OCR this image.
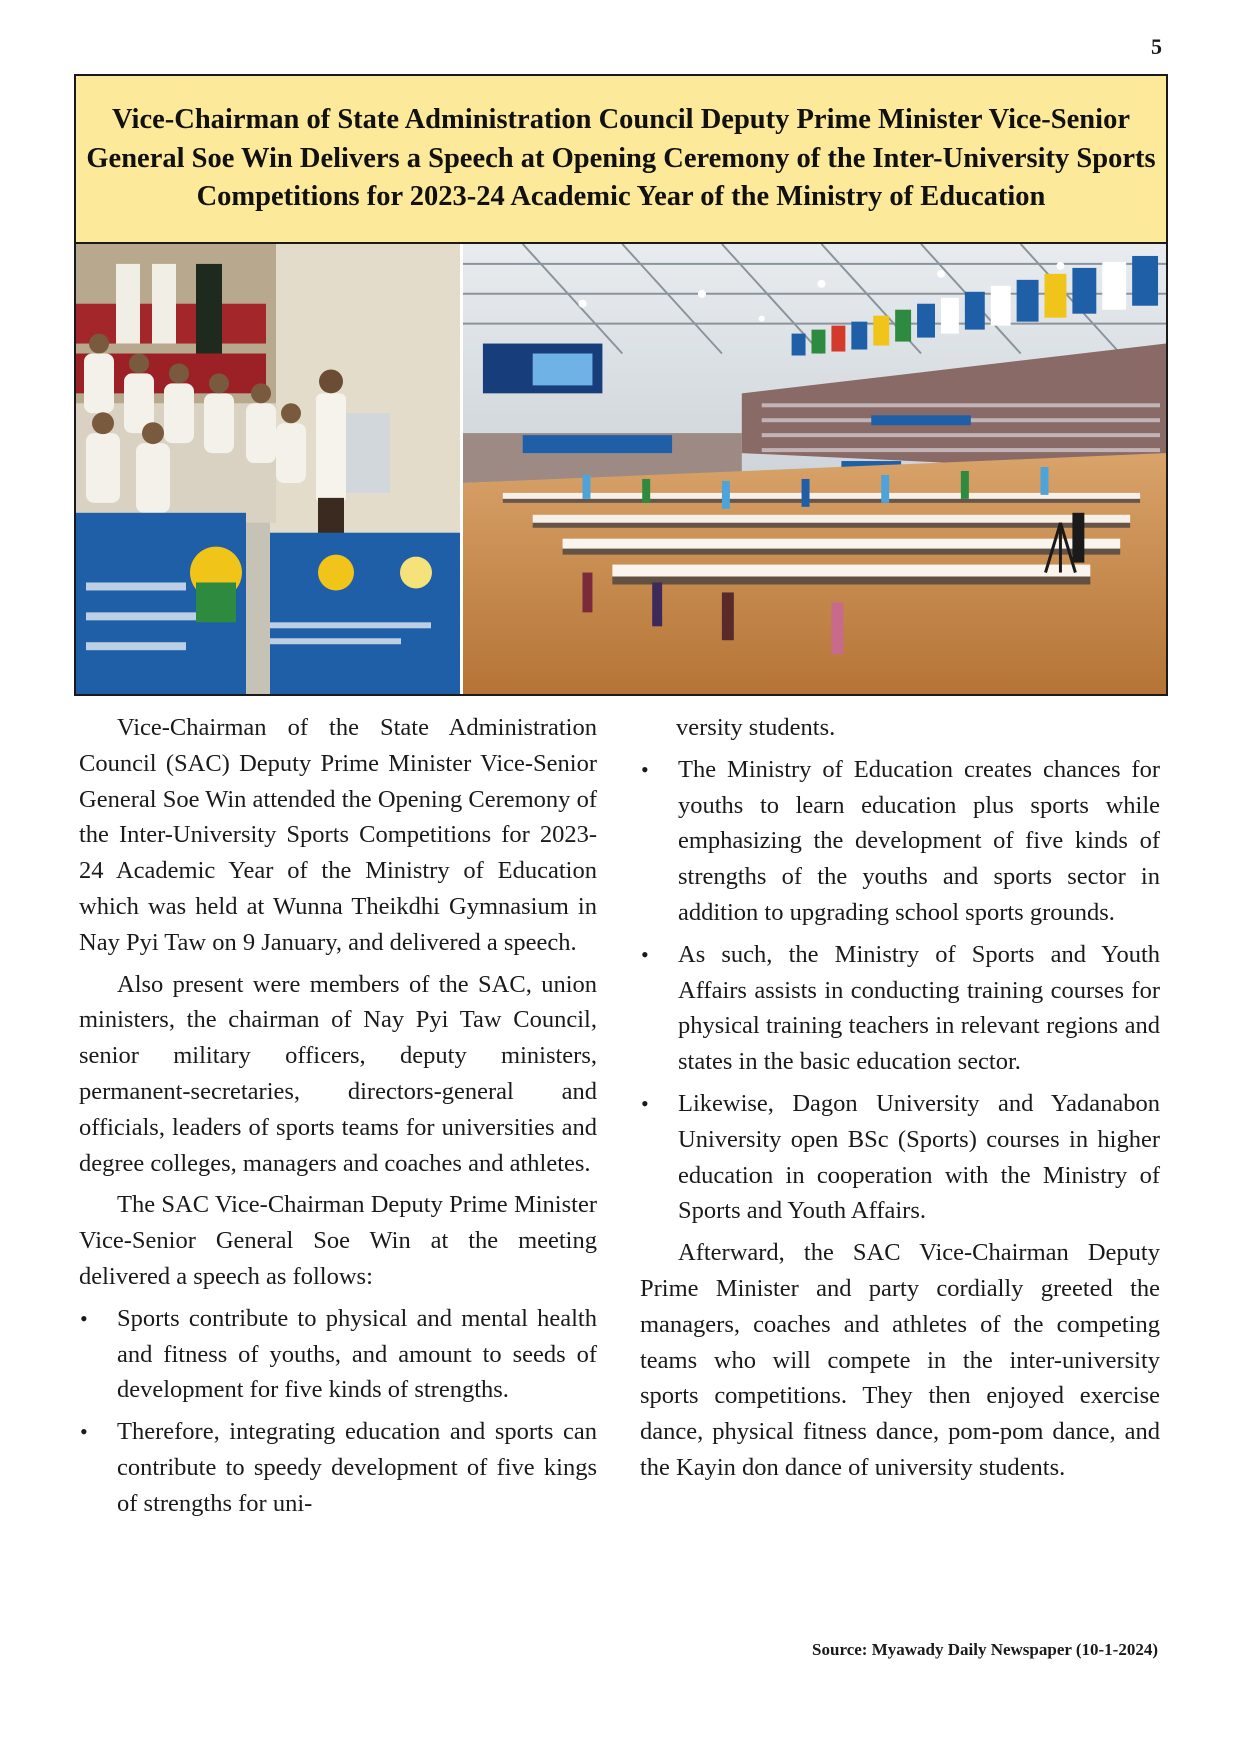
5
Vice-Chairman of State Administration Council Deputy Prime Minister Vice-Senior General Soe Win Delivers a Speech at Opening Ceremony of the Inter-University Sports Competitions for 2023-24 Academic Year of the Ministry of Education

Vice-Chairman of the State Administration Council (SAC) Deputy Prime Minister Vice-Senior General Soe Win attended the Opening Ceremony of the Inter-University Sports Competitions for 2023-24 Academic Year of the Ministry of Education which was held at Wunna Theikdhi Gymnasium in Nay Pyi Taw on 9 January, and delivered a speech.

Also present were members of the SAC, union ministers, the chairman of Nay Pyi Taw Council, senior military officers, deputy ministers, permanent-secretaries, directors-general and officials, leaders of sports teams for universities and degree colleges, managers and coaches and athletes.

The SAC Vice-Chairman Deputy Prime Minister Vice-Senior General Soe Win at the meeting delivered a speech as follows:

• Sports contribute to physical and mental health and fitness of youths, and amount to seeds of development for five kinds of strengths.
• Therefore, integrating education and sports can contribute to speedy development of five kings of strengths for uni-

versity students.

• The Ministry of Education creates chances for youths to learn education plus sports while emphasizing the development of five kinds of strengths of the youths and sports sector in addition to upgrading school sports grounds.
• As such, the Ministry of Sports and Youth Affairs assists in conducting training courses for physical training teachers in relevant regions and states in the basic education sector.
• Likewise, Dagon University and Yadanabon University open BSc (Sports) courses in higher education in cooperation with the Ministry of Sports and Youth Affairs.

Afterward, the SAC Vice-Chairman Deputy Prime Minister and party cordially greeted the managers, coaches and athletes of the competing teams who will compete in the inter-university sports competitions. They then enjoyed exercise dance, physical fitness dance, pom-pom dance, and the Kayin don dance of university students.

Source: Myawady Daily Newspaper (10-1-2024)
